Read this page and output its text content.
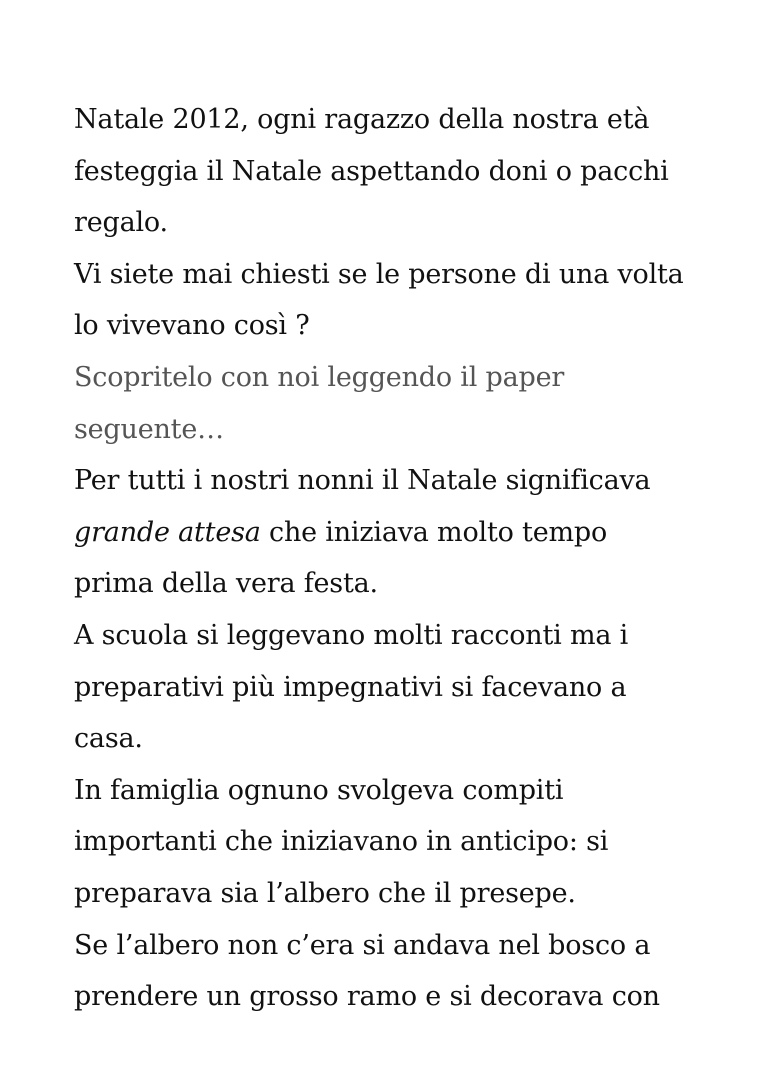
Natale 2012, ogni ragazzo della nostra età
festeggia il Natale aspettando doni o pacchi
regalo.
Vi siete mai chiesti se le persone di una volta
lo vivevano così ?
Scopritelo con noi leggendo il paper
seguente…
Per tutti i nostri nonni il Natale significava
grande attesa che iniziava molto tempo
prima della vera festa.
A scuola si leggevano molti racconti ma i
preparativi più impegnativi si facevano a
casa.
In famiglia ognuno svolgeva compiti
importanti che iniziavano in anticipo: si
preparava sia l’albero che il presepe.
Se l’albero non c’era si andava nel bosco a
prendere un grosso ramo e si decorava con
